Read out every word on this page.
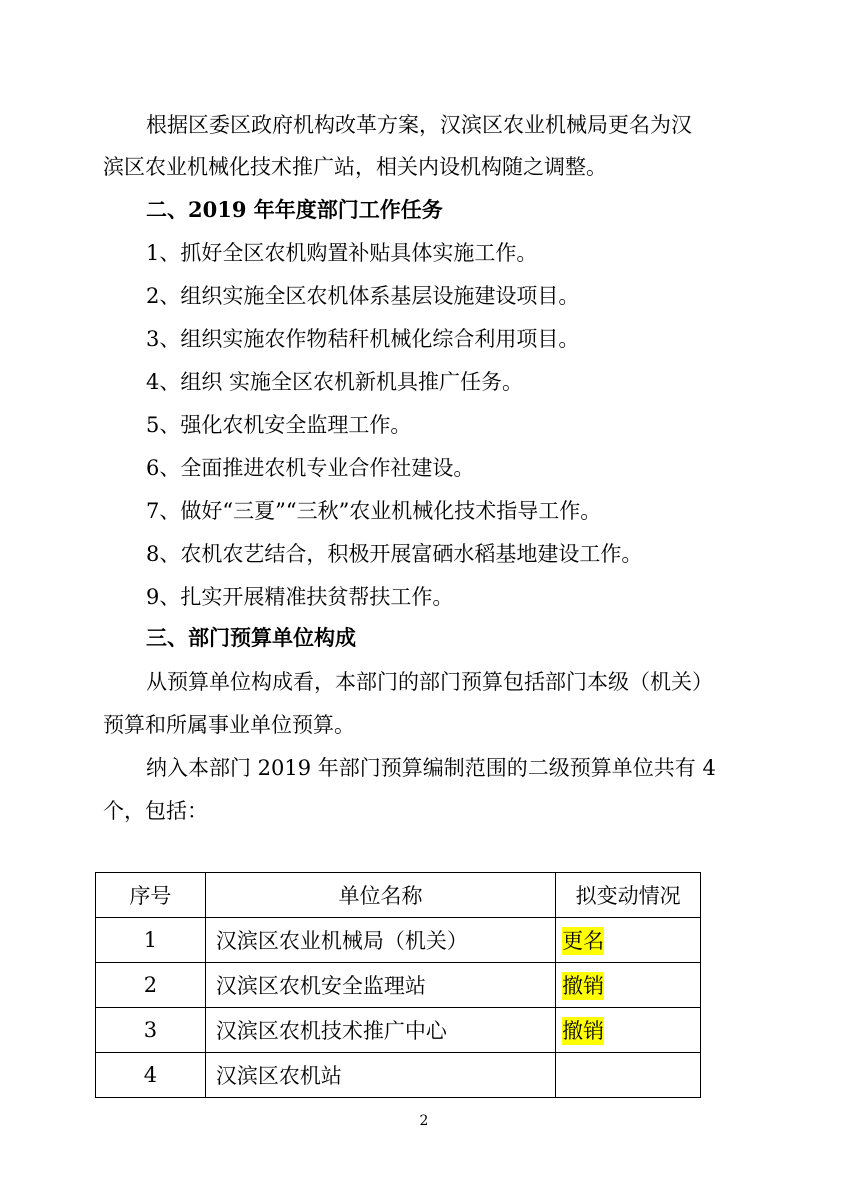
根据区委区政府机构改革方案，汉滨区农业机械局更名为汉
滨区农业机械化技术推广站，相关内设机构随之调整。
二、2019 年年度部门工作任务
1、抓好全区农机购置补贴具体实施工作。
2、组织实施全区农机体系基层设施建设项目。
3、组织实施农作物秸秆机械化综合利用项目。
4、组织 实施全区农机新机具推广任务。
5、强化农机安全监理工作。
6、全面推进农机专业合作社建设。
7、做好“三夏”“三秋”农业机械化技术指导工作。
8、农机农艺结合，积极开展富硒水稻基地建设工作。
9、扎实开展精准扶贫帮扶工作。
三、部门预算单位构成
从预算单位构成看，本部门的部门预算包括部门本级（机关）
预算和所属事业单位预算。
纳入本部门 2019 年部门预算编制范围的二级预算单位共有 4
个，包括：
序号	单位名称	拟变动情况
1	汉滨区农业机械局（机关）	更名
2	汉滨区农机安全监理站	撤销
3	汉滨区农机技术推广中心	撤销
4	汉滨区农机站	
2
